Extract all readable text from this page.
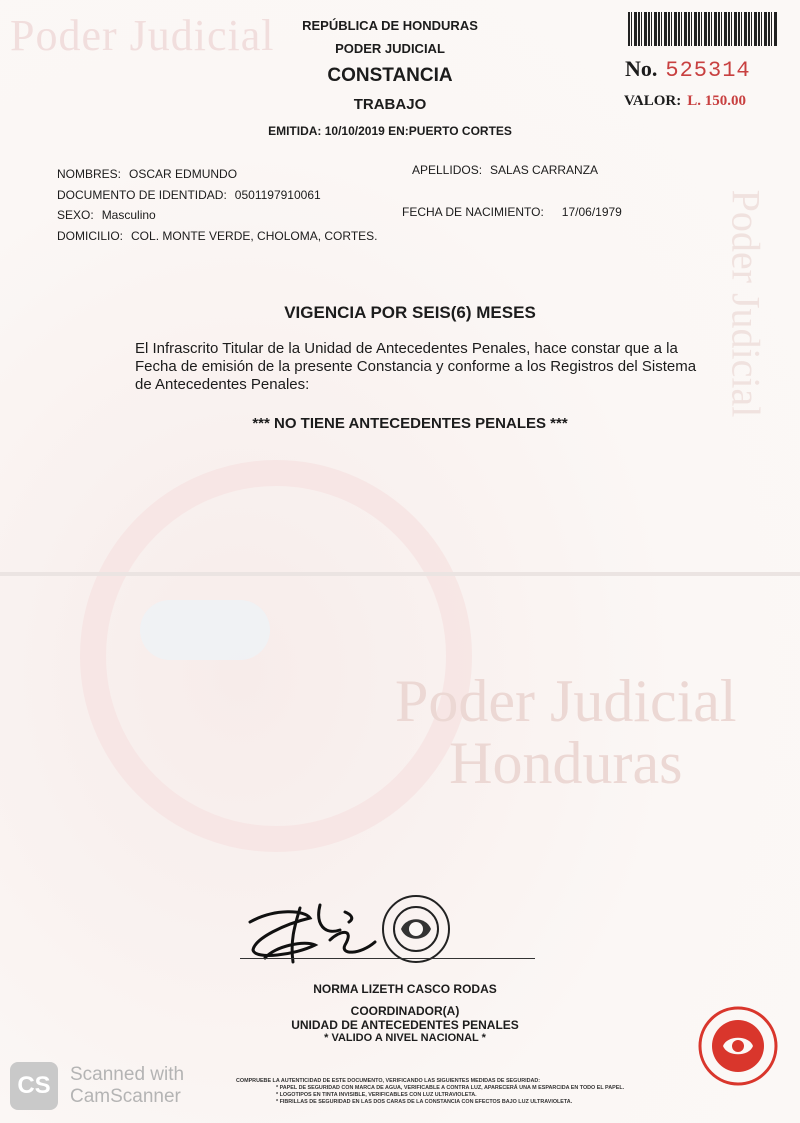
Poder Judicial
Poder Judicial
Poder Judicial
Honduras
REPÚBLICA DE HONDURAS
PODER JUDICIAL
CONSTANCIA
TRABAJO
EMITIDA: 10/10/2019 EN:PUERTO CORTES
No. 525314
VALOR: L. 150.00
NOMBRES: OSCAR EDMUNDO	APELLIDOS: SALAS CARRANZA
DOCUMENTO DE IDENTIDAD: 0501197910061
SEXO: Masculino	FECHA DE NACIMIENTO: 17/06/1979
DOMICILIO: COL. MONTE VERDE, CHOLOMA, CORTES.
VIGENCIA POR SEIS(6) MESES
El Infrascrito Titular de la Unidad de Antecedentes Penales, hace constar que a la Fecha de emisión de la presente Constancia y conforme a los Registros del Sistema de Antecedentes Penales:
*** NO TIENE ANTECEDENTES PENALES ***
NORMA LIZETH CASCO RODAS
COORDINADOR(A)
UNIDAD DE ANTECEDENTES PENALES
* VALIDO A NIVEL NACIONAL *
COMPRUEBE LA AUTENTICIDAD DE ESTE DOCUMENTO, VERIFICANDO LAS SIGUIENTES MEDIDAS DE SEGURIDAD:
* PAPEL DE SEGURIDAD CON MARCA DE AGUA, VERIFICABLE A CONTRA LUZ, APARECERÁ UNA M ESPARCIDA EN TODO EL PAPEL.
* LOGOTIPOS EN TINTA INVISIBLE, VERIFICABLES CON LUZ ULTRAVIOLETA.
* FIBRILLAS DE SEGURIDAD EN LAS DOS CARAS DE LA CONSTANCIA CON EFECTOS BAJO LUZ ULTRAVIOLETA.
CS	Scanned with
CamScanner
